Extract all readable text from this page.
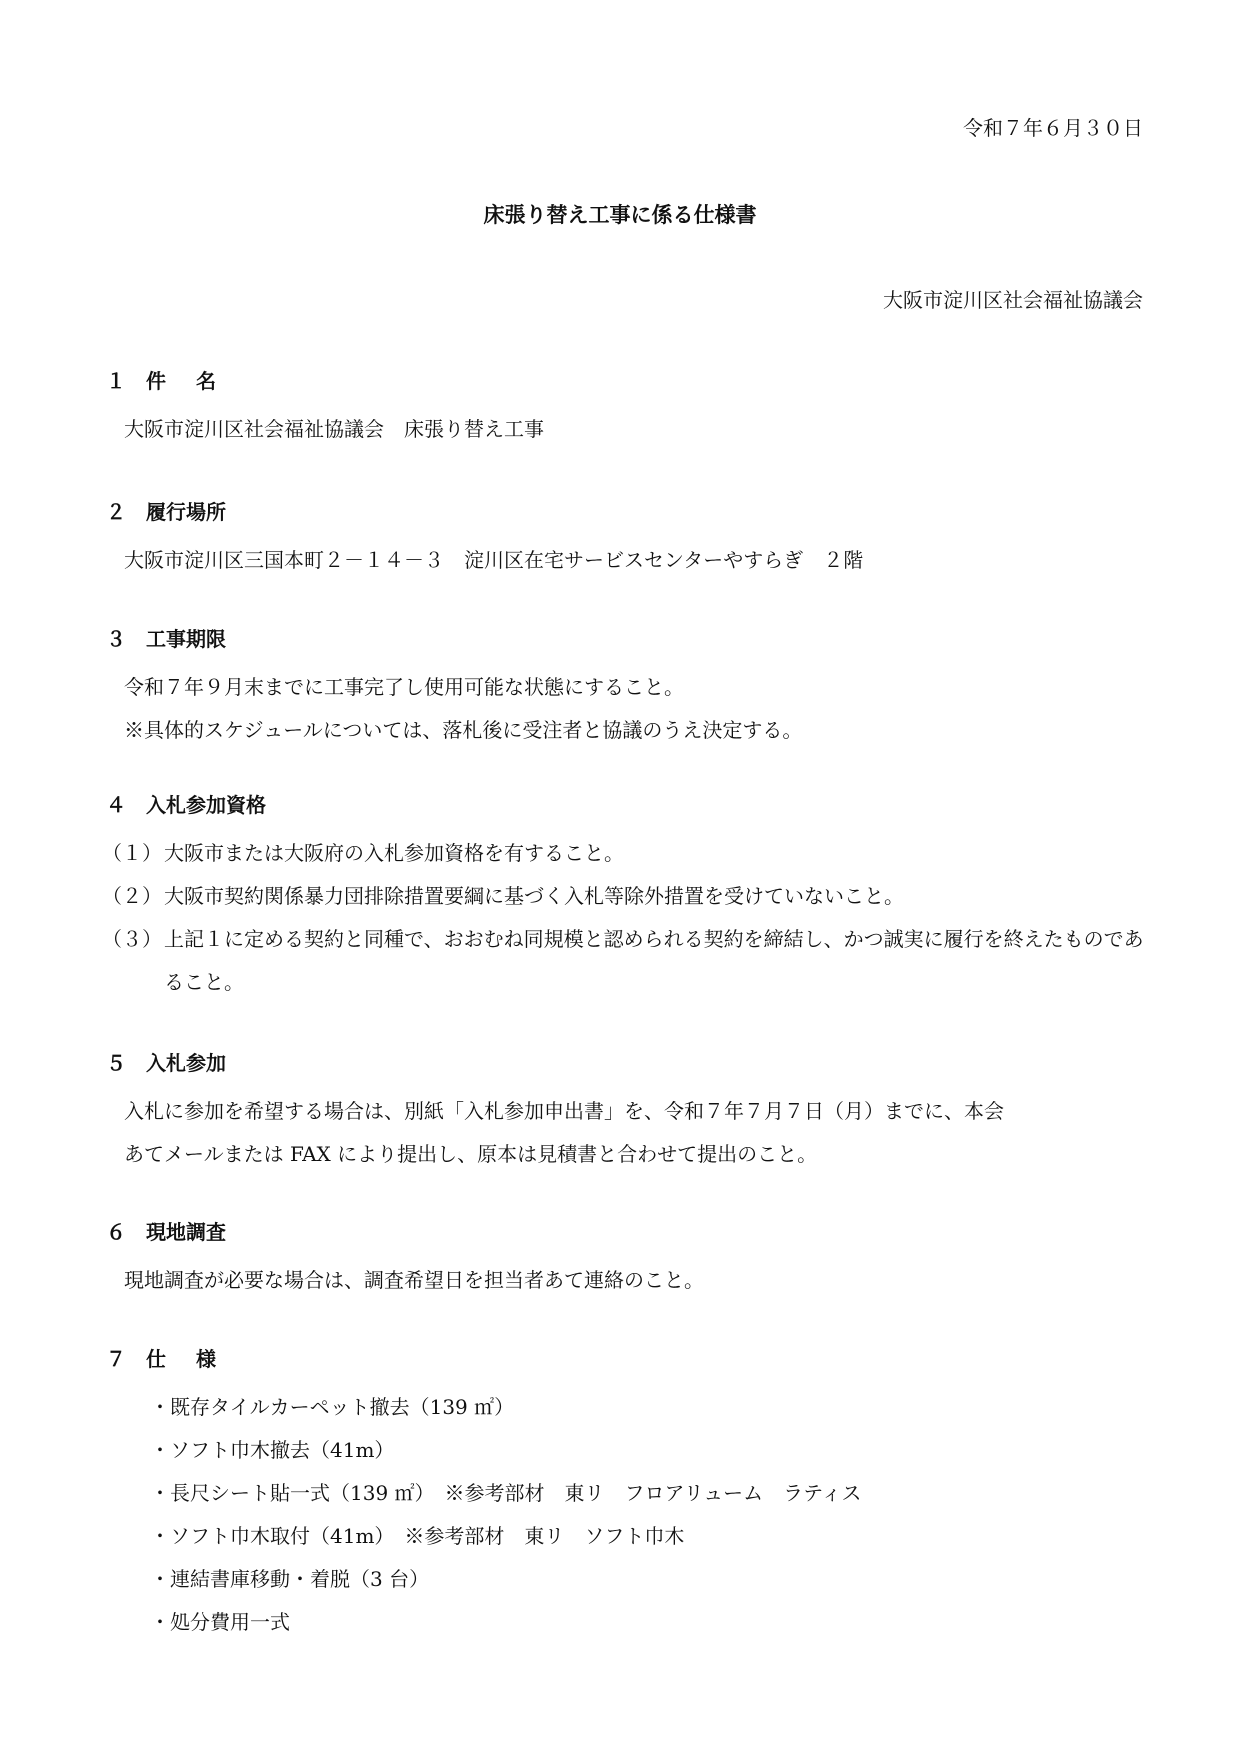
令和７年６月３０日
床張り替え工事に係る仕様書
大阪市淀川区社会福祉協議会
１	件名
大阪市淀川区社会福祉協議会　床張り替え工事
２	履行場所
大阪市淀川区三国本町２－１４－３　淀川区在宅サービスセンターやすらぎ　２階
３	工事期限
令和７年９月末までに工事完了し使用可能な状態にすること。
※具体的スケジュールについては、落札後に受注者と協議のうえ決定する。
４	入札参加資格
（１） 大阪市または大阪府の入札参加資格を有すること。
（２） 大阪市契約関係暴力団排除措置要綱に基づく入札等除外措置を受けていないこと。
（３） 上記１に定める契約と同種で、おおむね同規模と認められる契約を締結し、かつ誠実に履行を終えたものであること。
５	入札参加
入札に参加を希望する場合は、別紙「入札参加申出書」を、令和７年７月７日（月）までに、本会
あてメールまたは FAX により提出し、原本は見積書と合わせて提出のこと。
６	現地調査
現地調査が必要な場合は、調査希望日を担当者あて連絡のこと。
７	仕様
・既存タイルカーペット撤去（139 ㎡）
・ソフト巾木撤去（41m）
・長尺シート貼一式（139 ㎡）　※参考部材　東リ　フロアリューム　ラティス
・ソフト巾木取付（41m）　※参考部材　東リ　ソフト巾木
・連結書庫移動・着脱（3 台）
・処分費用一式
